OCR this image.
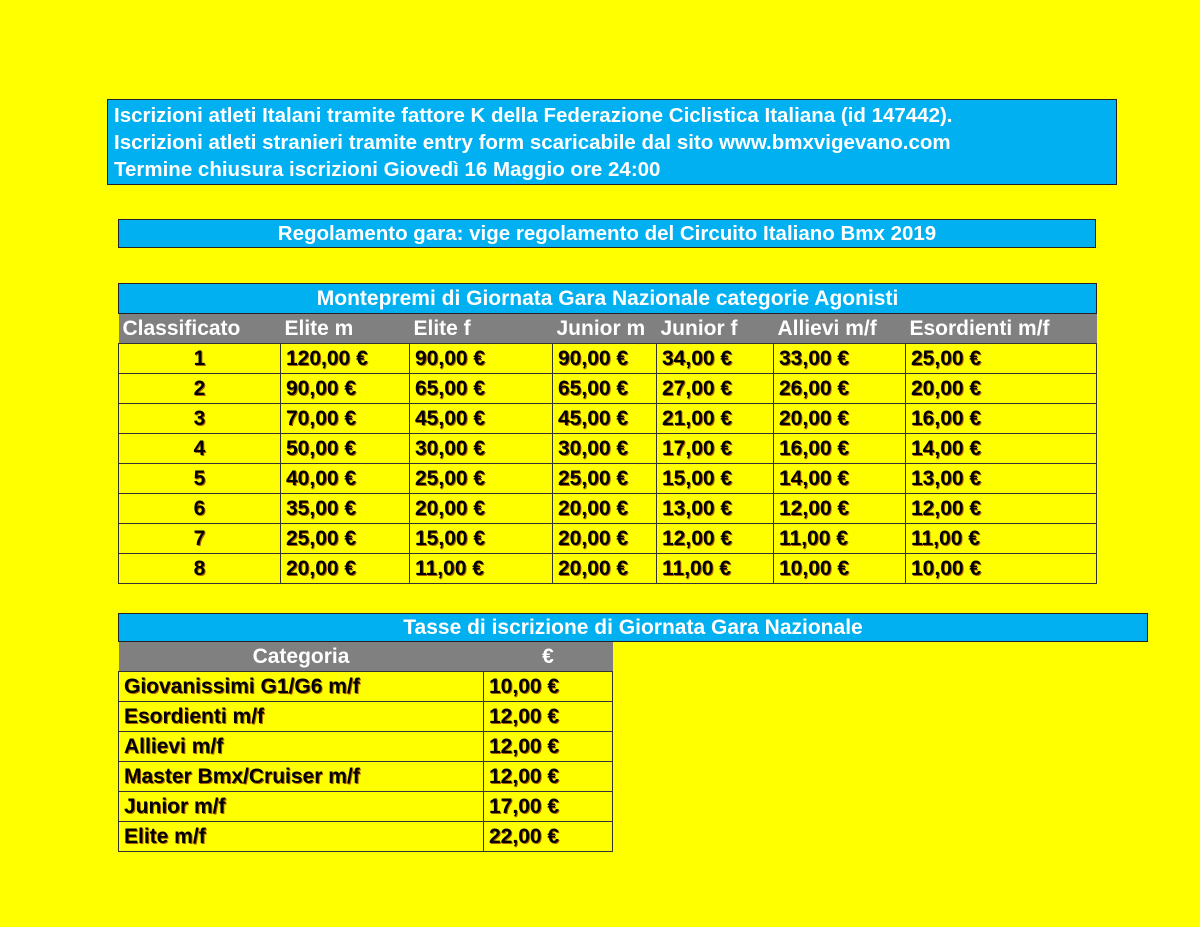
Iscrizioni atleti Italani tramite fattore K della Federazione Ciclistica Italiana (id 147442).
Iscrizioni atleti stranieri tramite entry form scaricabile dal sito www.bmxvigevano.com
Termine chiusura iscrizioni Giovedì 16 Maggio ore 24:00
Regolamento gara: vige regolamento del Circuito Italiano Bmx 2019
Montepremi di Giornata Gara Nazionale categorie Agonisti						
Classificato	Elite m	Elite f	Junior m	Junior f	Allievi m/f	Esordienti m/f
1	120,00 €	90,00 €	90,00 €	34,00 €	33,00 €	25,00 €
2	90,00 €	65,00 €	65,00 €	27,00 €	26,00 €	20,00 €
3	70,00 €	45,00 €	45,00 €	21,00 €	20,00 €	16,00 €
4	50,00 €	30,00 €	30,00 €	17,00 €	16,00 €	14,00 €
5	40,00 €	25,00 €	25,00 €	15,00 €	14,00 €	13,00 €
6	35,00 €	20,00 €	20,00 €	13,00 €	12,00 €	12,00 €
7	25,00 €	15,00 €	20,00 €	12,00 €	11,00 €	11,00 €
8	20,00 €	11,00 €	20,00 €	11,00 €	10,00 €	10,00 €
Tasse di iscrizione di Giornata Gara Nazionale
Categoria	€
Giovanissimi G1/G6 m/f	10,00 €
Esordienti m/f	12,00 €
Allievi m/f	12,00 €
Master Bmx/Cruiser m/f	12,00 €
Junior m/f	17,00 €
Elite m/f	22,00 €
